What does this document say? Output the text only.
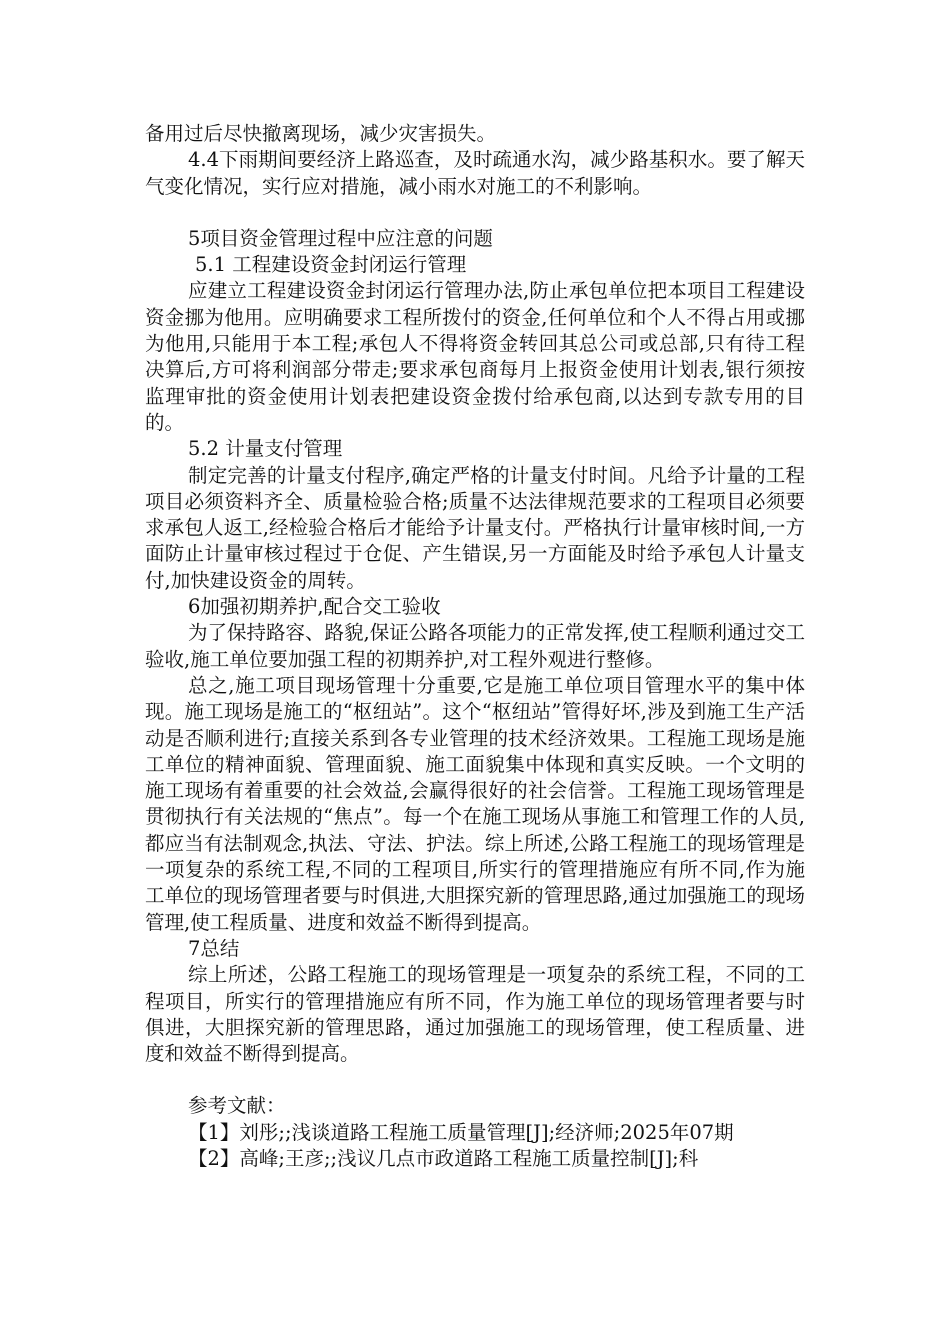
备用过后尽快撤离现场，减少灾害损失。

4.4下雨期间要经济上路巡查，及时疏通水沟，减少路基积水。要了解天气变化情况，实行应对措施，减小雨水对施工的不利影响。

5项目资金管理过程中应注意的问题

5.1 工程建设资金封闭运行管理

应建立工程建设资金封闭运行管理办法,防止承包单位把本项目工程建设资金挪为他用。应明确要求工程所拨付的资金,任何单位和个人不得占用或挪为他用,只能用于本工程;承包人不得将资金转回其总公司或总部,只有待工程决算后,方可将利润部分带走;要求承包商每月上报资金使用计划表,银行须按监理审批的资金使用计划表把建设资金拨付给承包商,以达到专款专用的目的。

5.2 计量支付管理

制定完善的计量支付程序,确定严格的计量支付时间。凡给予计量的工程项目必须资料齐全、质量检验合格;质量不达法律规范要求的工程项目必须要求承包人返工,经检验合格后才能给予计量支付。严格执行计量审核时间,一方面防止计量审核过程过于仓促、产生错误,另一方面能及时给予承包人计量支付,加快建设资金的周转。

6加强初期养护,配合交工验收

为了保持路容、路貌,保证公路各项能力的正常发挥,使工程顺利通过交工验收,施工单位要加强工程的初期养护,对工程外观进行整修。

总之,施工项目现场管理十分重要,它是施工单位项目管理水平的集中体现。施工现场是施工的“枢纽站”。这个“枢纽站”管得好坏,涉及到施工生产活动是否顺利进行;直接关系到各专业管理的技术经济效果。工程施工现场是施工单位的精神面貌、管理面貌、施工面貌集中体现和真实反映。一个文明的施工现场有着重要的社会效益,会赢得很好的社会信誉。工程施工现场管理是贯彻执行有关法规的“焦点”。每一个在施工现场从事施工和管理工作的人员,都应当有法制观念,执法、守法、护法。综上所述,公路工程施工的现场管理是一项复杂的系统工程,不同的工程项目,所实行的管理措施应有所不同,作为施工单位的现场管理者要与时俱进,大胆探究新的管理思路,通过加强施工的现场管理,使工程质量、进度和效益不断得到提高。

7总结

综上所述，公路工程施工的现场管理是一项复杂的系统工程，不同的工程项目，所实行的管理措施应有所不同，作为施工单位的现场管理者要与时俱进，大胆探究新的管理思路，通过加强施工的现场管理，使工程质量、进度和效益不断得到提高。

参考文献：

【1】刘彤;;浅谈道路工程施工质量管理[J];经济师;2025年07期

【2】高峰;王彦;;浅议几点市政道路工程施工质量控制[J];科
